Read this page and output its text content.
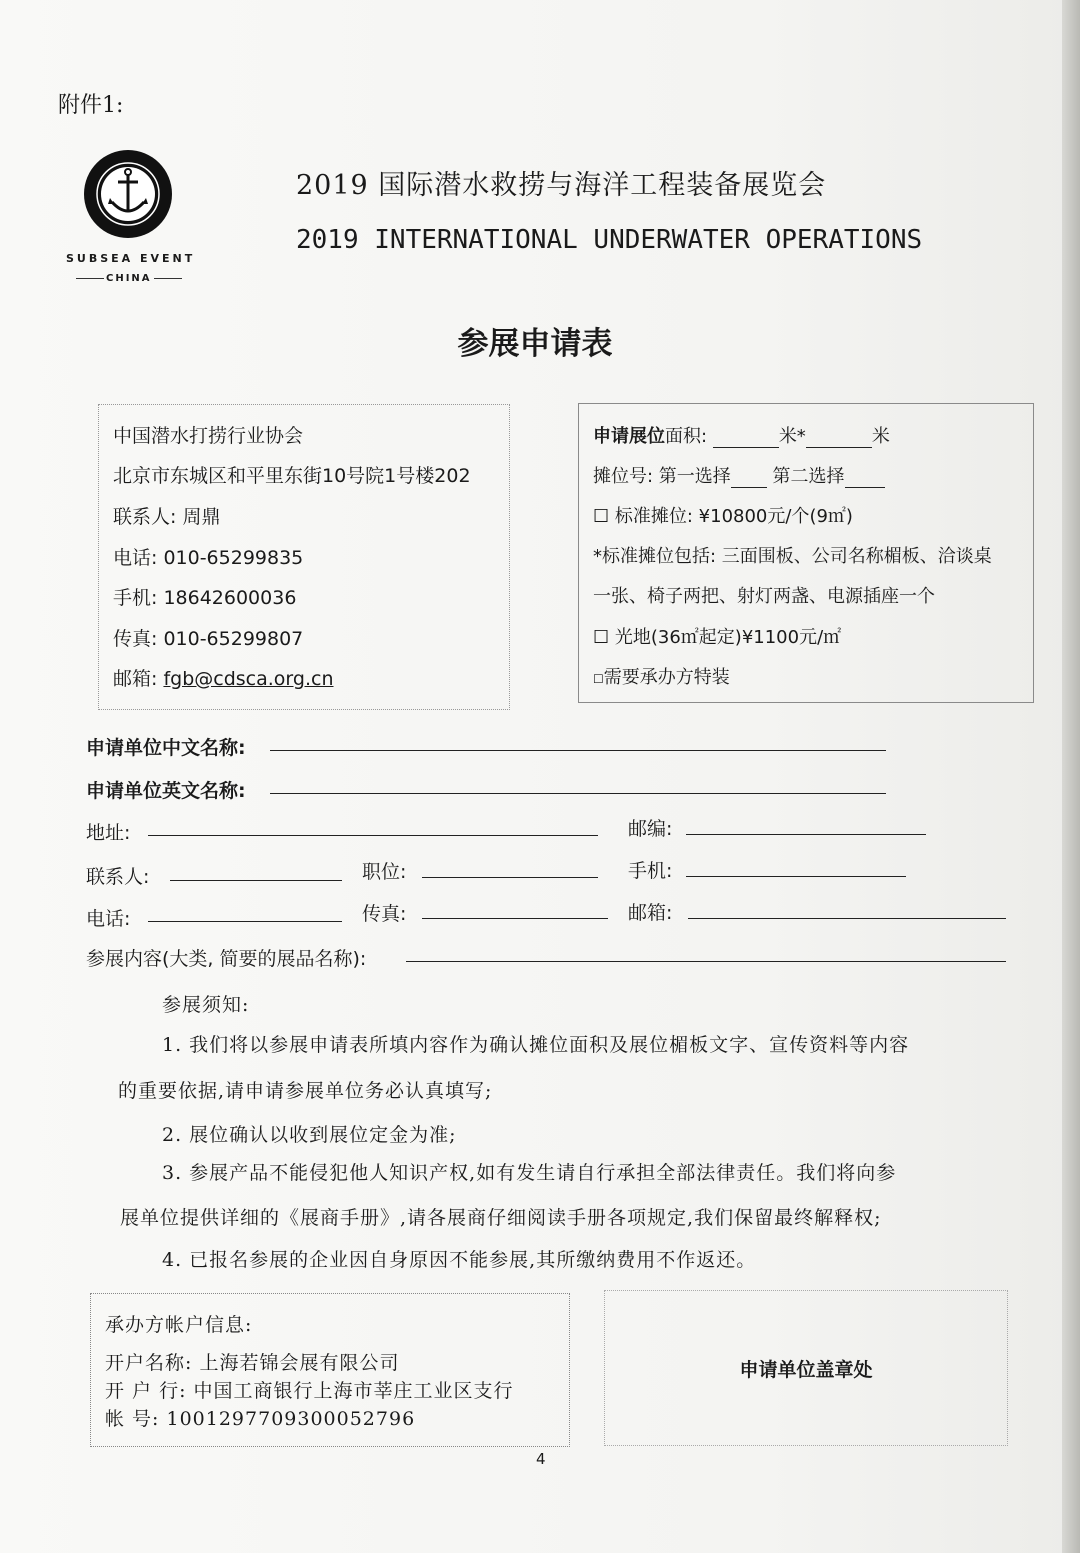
附件1:
SUBSEA EVENT
CHINA
2019 国际潜水救捞与海洋工程装备展览会
2019 INTERNATIONAL UNDERWATER OPERATIONS
参展申请表
中国潜水打捞行业协会
北京市东城区和平里东街10号院1号楼202
联系人: 周鼎
电话: 010-65299835
手机: 18642600036
传真: 010-65299807
邮箱: fgb@cdsca.org.cn
申请展位面积:	米*	米
摊位号: 第一选择 第二选择
☐ 标准摊位: ¥10800元/个(9㎡)
*标准摊位包括: 三面围板、公司名称楣板、洽谈桌
一张、椅子两把、射灯两盏、电源插座一个
☐ 光地(36㎡起定)¥1100元/㎡
☐需要承办方特装
申请单位中文名称:
申请单位英文名称:
地址:	邮编:
联系人:	职位:	手机:
电话:	传真:	邮箱:
参展内容(大类, 简要的展品名称):
参展须知:
1. 我们将以参展申请表所填内容作为确认摊位面积及展位楣板文字、宣传资料等内容
的重要依据,请申请参展单位务必认真填写;
2. 展位确认以收到展位定金为准;
3. 参展产品不能侵犯他人知识产权,如有发生请自行承担全部法律责任。我们将向参
展单位提供详细的《展商手册》,请各展商仔细阅读手册各项规定,我们保留最终解释权;
4. 已报名参展的企业因自身原因不能参展,其所缴纳费用不作返还。
承办方帐户信息:
开户名称: 上海若锦会展有限公司
开 户 行: 中国工商银行上海市莘庄工业区支行
帐 号: 1001297709300052796
申请单位盖章处
4
